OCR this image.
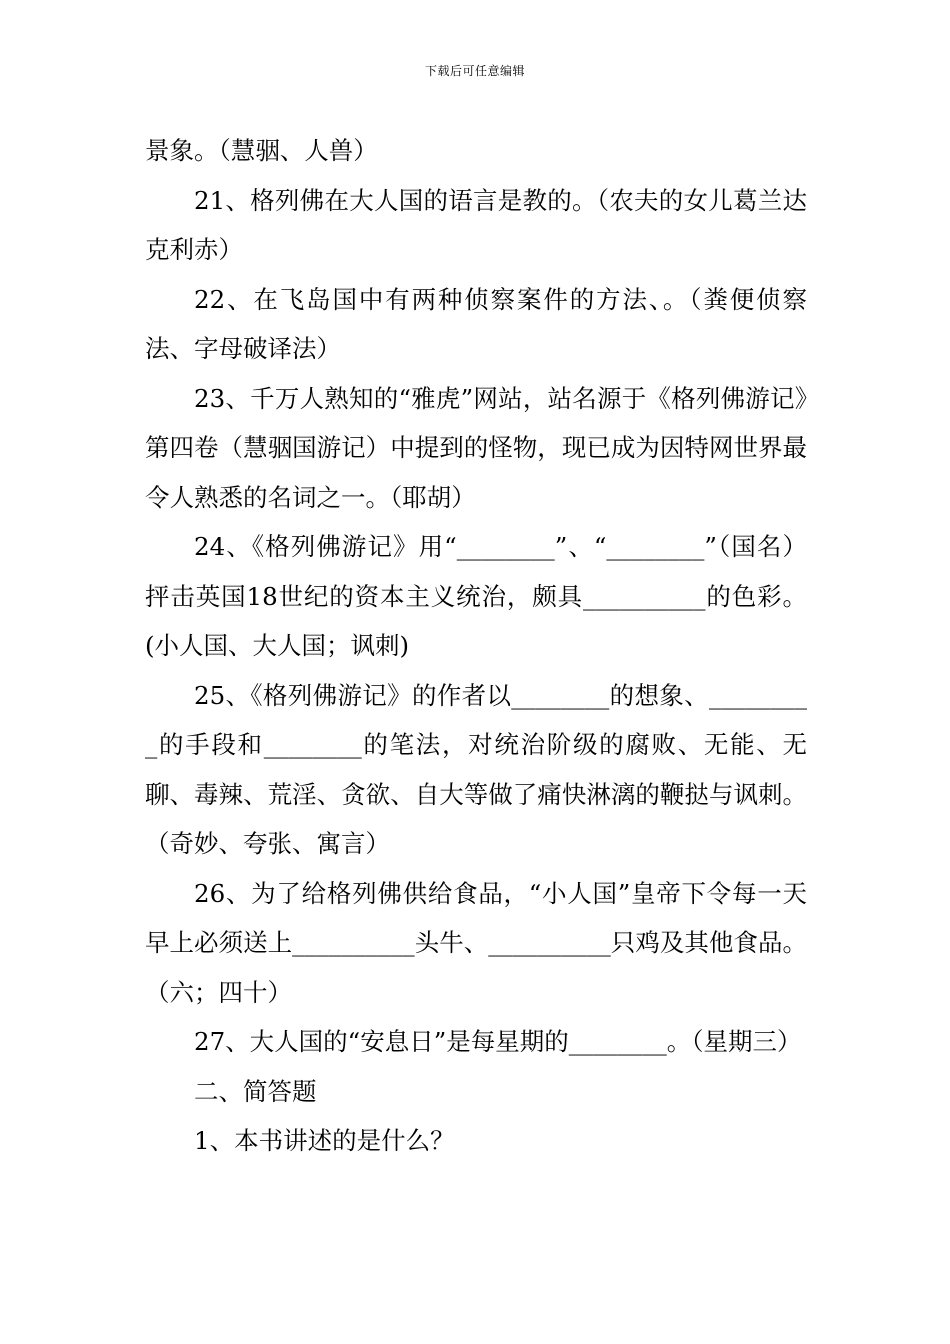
下载后可任意编辑

景象。（慧骃、人兽）

21、格列佛在大人国的语言是教的。（农夫的女儿葛兰达克利赤）

22、在飞岛国中有两种侦察案件的方法、。（粪便侦察法、字母破译法）

23、千万人熟知的“雅虎”网站，站名源于《格列佛游记》第四卷（慧骃国游记）中提到的怪物，现已成为因特网世界最令人熟悉的名词之一。（耶胡）

24、《格列佛游记》用“________”、“________”（国名）抨击英国18世纪的资本主义统治，颇具__________的色彩。(小人国、大人国；讽刺)

25、《格列佛游记》的作者以________的想象、_________的手段和________的笔法，对统治阶级的腐败、无能、无聊、毒辣、荒淫、贪欲、自大等做了痛快淋漓的鞭挞与讽刺。（奇妙、夸张、寓言）

26、为了给格列佛供给食品，“小人国”皇帝下令每一天早上必须送上__________头牛、__________只鸡及其他食品。（六；四十）

27、大人国的“安息日”是每星期的________。（星期三）

二、简答题

1、本书讲述的是什么？
